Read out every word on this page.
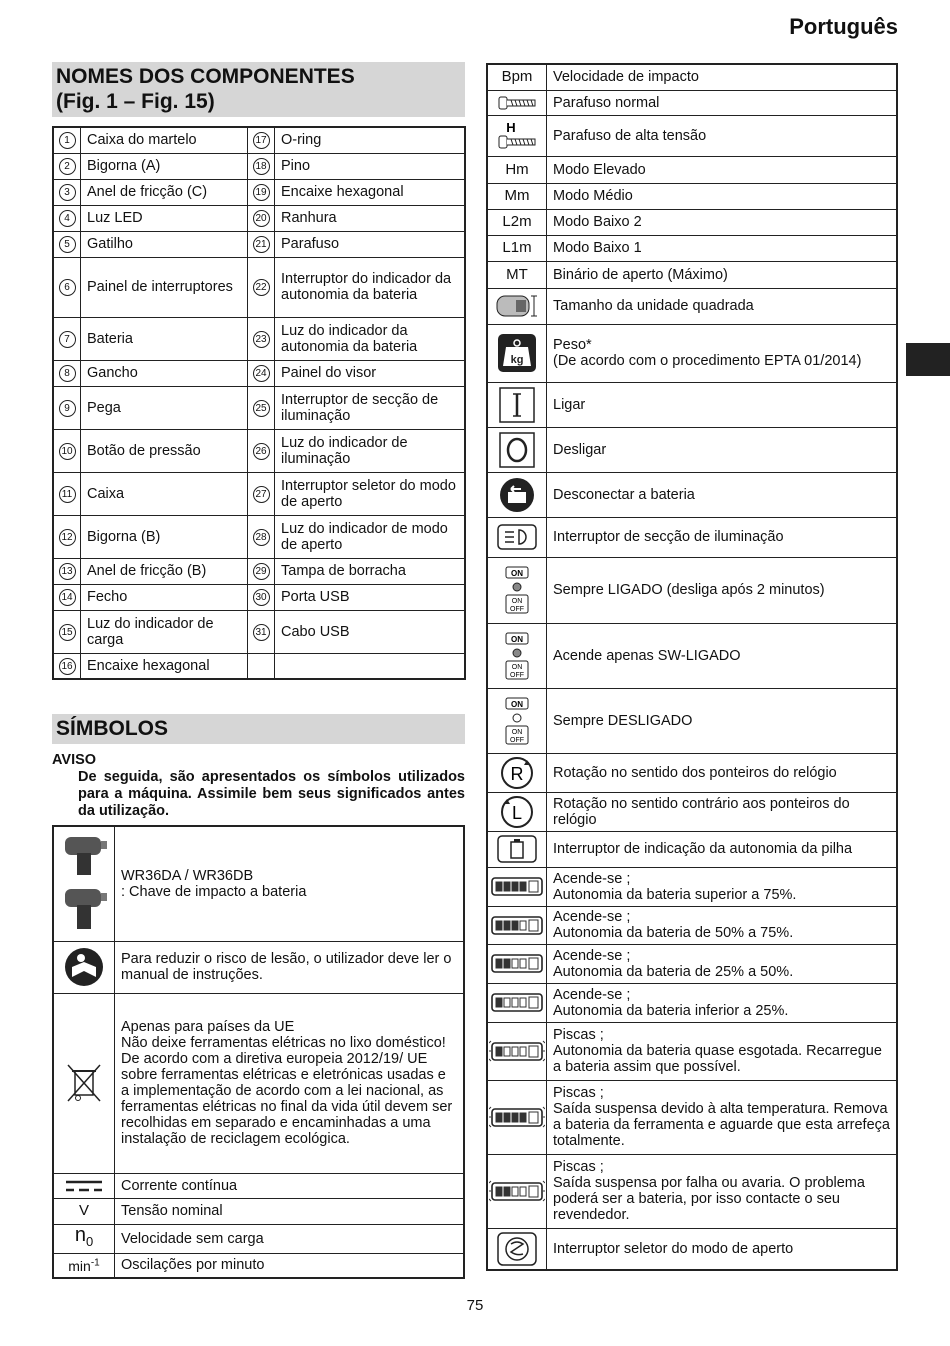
Português
NOMES DOS COMPONENTES
(Fig. 1 – Fig. 15)
1	Caixa do martelo	17	O-ring
2	Bigorna (A)	18	Pino
3	Anel de fricção (C)	19	Encaixe hexagonal
4	Luz LED	20	Ranhura
5	Gatilho	21	Parafuso
6	Painel de interruptores	22	Interruptor do indicador da autonomia da bateria
7	Bateria	23	Luz do indicador da autonomia da bateria
8	Gancho	24	Painel do visor
9	Pega	25	Interruptor de secção de iluminação
10	Botão de pressão	26	Luz do indicador de iluminação
11	Caixa	27	Interruptor seletor do modo de aperto
12	Bigorna (B)	28	Luz do indicador de modo de aperto
13	Anel de fricção (B)	29	Tampa de borracha
14	Fecho	30	Porta USB
15	Luz do indicador de carga	31	Cabo USB
16	Encaixe hexagonal		
SÍMBOLOS
AVISO
De seguida, são apresentados os símbolos utilizados para a máquina. Assimile bem seus significados antes da utilização.

WR36DA / WR36DB
: Chave de impacto a bateria

Para reduzir o risco de lesão, o utilizador deve ler o manual de instruções.

Apenas para países da UE
Não deixe ferramentas elétricas no lixo doméstico!
De acordo com a diretiva europeia 2012/19/ UE sobre ferramentas elétricas e eletrónicas usadas e a implementação de acordo com a lei nacional, as ferramentas elétricas no final da vida útil devem ser recolhidas em separado e encaminhadas a uma instalação de reciclagem ecológica.

Corrente contínua

V	Tensão nominal

$n_0$	Velocidade sem carga

$\min^{-1}$	Oscilações por minuto
Bpm	Velocidade de impacto

Parafuso normal

H	Parafuso de alta tensão

Hm	Modo Elevado

Mm	Modo Médio

L2m	Modo Baixo 2

L1m	Modo Baixo 1

MT	Binário de aperto (Máximo)

Tamanho da unidade quadrada

kg	Peso*
(De acordo com o procedimento EPTA 01/2014)

Ligar

Desligar

Desconectar a bateria

Interruptor de secção de iluminação

ON
ON
OFF	Sempre LIGADO (desliga após 2 minutos)

ON
ON
OFF	Acende apenas SW-LIGADO

ON
ON
OFF	Sempre DESLIGADO

R	Rotação no sentido dos ponteiros do relógio

L	Rotação no sentido contrário aos ponteiros do relógio

Interruptor de indicação da autonomia da pilha

Acende-se ;
Autonomia da bateria superior a 75%.

Acende-se ;
Autonomia da bateria de 50% a 75%.

Acende-se ;
Autonomia da bateria de 25% a 50%.

Acende-se ;
Autonomia da bateria inferior a 25%.

Piscas ;
Autonomia da bateria quase esgotada. Recarregue a bateria assim que possível.

Piscas ;
Saída suspensa devido à alta temperatura. Remova a bateria da ferramenta e aguarde que esta arrefeça totalmente.

Piscas ;
Saída suspensa por falha ou avaria. O problema poderá ser a bateria, por isso contacte o seu revendedor.

Interruptor seletor do modo de aperto
75
